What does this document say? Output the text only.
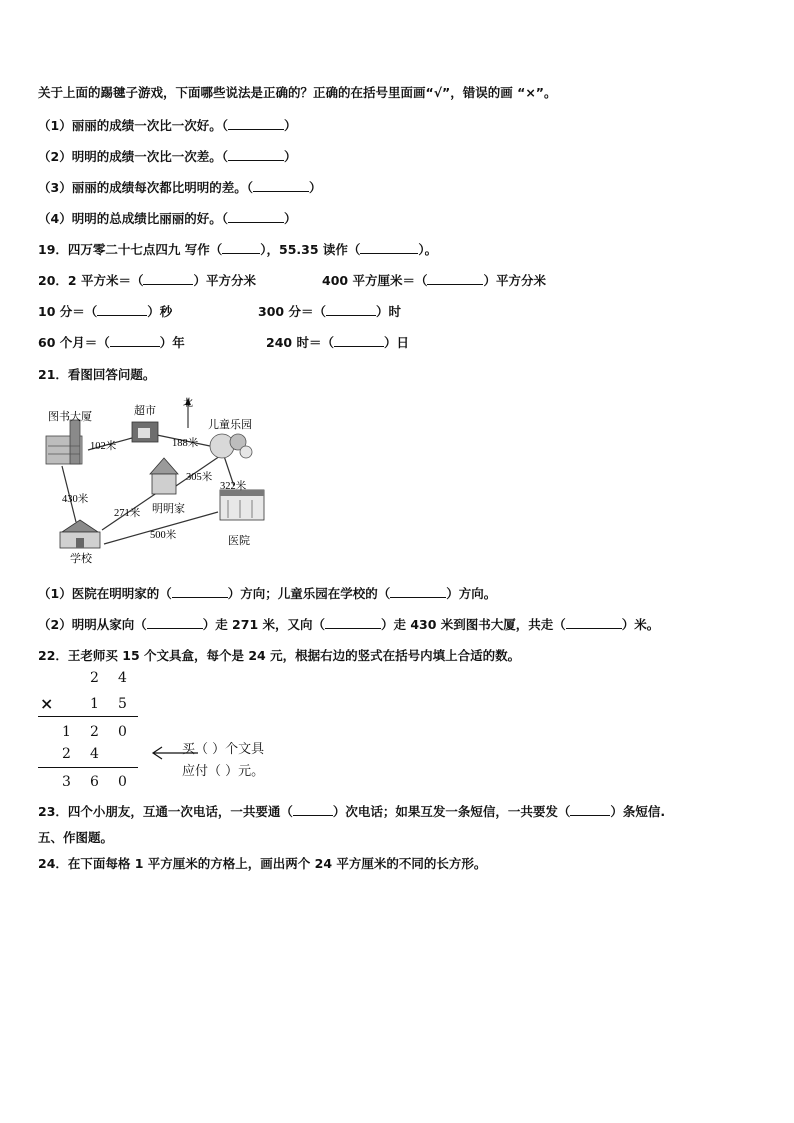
关于上面的踢毽子游戏，下面哪些说法是正确的？正确的在括号里面画“√”，错误的画 “×”。
（1）丽丽的成绩一次比一次好。（	）
（2）明明的成绩一次比一次差。（	）
（3）丽丽的成绩每次都比明明的差。（	）
（4）明明的总成绩比丽丽的好。（	）
19．四万零二十七点四九 写作（	），55.35 读作（	）。
20．2 平方米＝（	）平方分米	400 平方厘米＝（	）平方分米
10 分＝（	）秒	300 分＝（	）时
60 个月＝（	）年	240 时＝（	）日
21．看图回答问题。
北
图书大厦	超市
儿童乐园
明明家
学校
医院
102米	188米
305米
322米
430米
271米
500米
（1）医院在明明家的（	）方向；儿童乐园在学校的（	）方向。
（2）明明从家向（	）走 271 米，又向（	）走 430 米到图书大厦，共走（	）米。
22．王老师买 15 个文具盒，每个是 24 元，根据右边的竖式在括号内填上合适的数。
2 4
×	1 5
1 2 0
2 4
3 6 0
买（ ）个文具
应付（ ）元。
23．四个小朋友，互通一次电话，一共要通（	）次电话；如果互发一条短信，一共要发（	）条短信.
五、作图题。
24．在下面每格 1 平方厘米的方格上，画出两个 24 平方厘米的不同的长方形。
